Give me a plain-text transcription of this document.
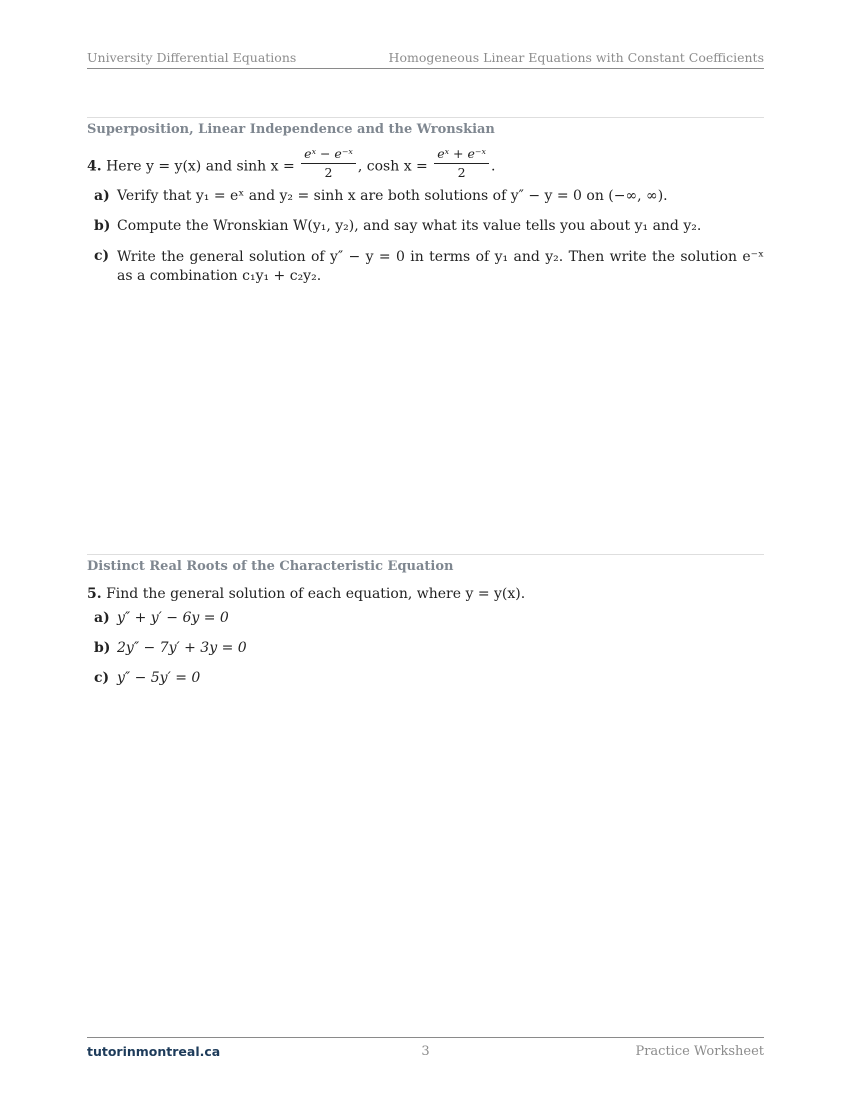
University Differential Equations	Homogeneous Linear Equations with Constant Coefficients
Superposition, Linear Independence and the Wronskian
4. Here y = y(x) and $\sinh x = \frac{\text{eˣ − e⁻ˣ}}{2}$ , $\cosh x = \frac{\text{eˣ + e⁻ˣ}}{2}$ .
a) Verify that y₁ = eˣ and y₂ = sinh x are both solutions of y″ − y = 0 on (−∞, ∞).
b) Compute the Wronskian W(y₁, y₂), and say what its value tells you about y₁ and y₂.
c) Write the general solution of y″ − y = 0 in terms of y₁ and y₂. Then write the solution e⁻ˣ as a combination c₁y₁ + c₂y₂.
Distinct Real Roots of the Characteristic Equation
5. Find the general solution of each equation, where y = y(x).
a) y″ + y′ − 6y = 0
b) 2y″ − 7y′ + 3y = 0
c) y″ − 5y′ = 0
tutorinmontreal.ca	3	Practice Worksheet
